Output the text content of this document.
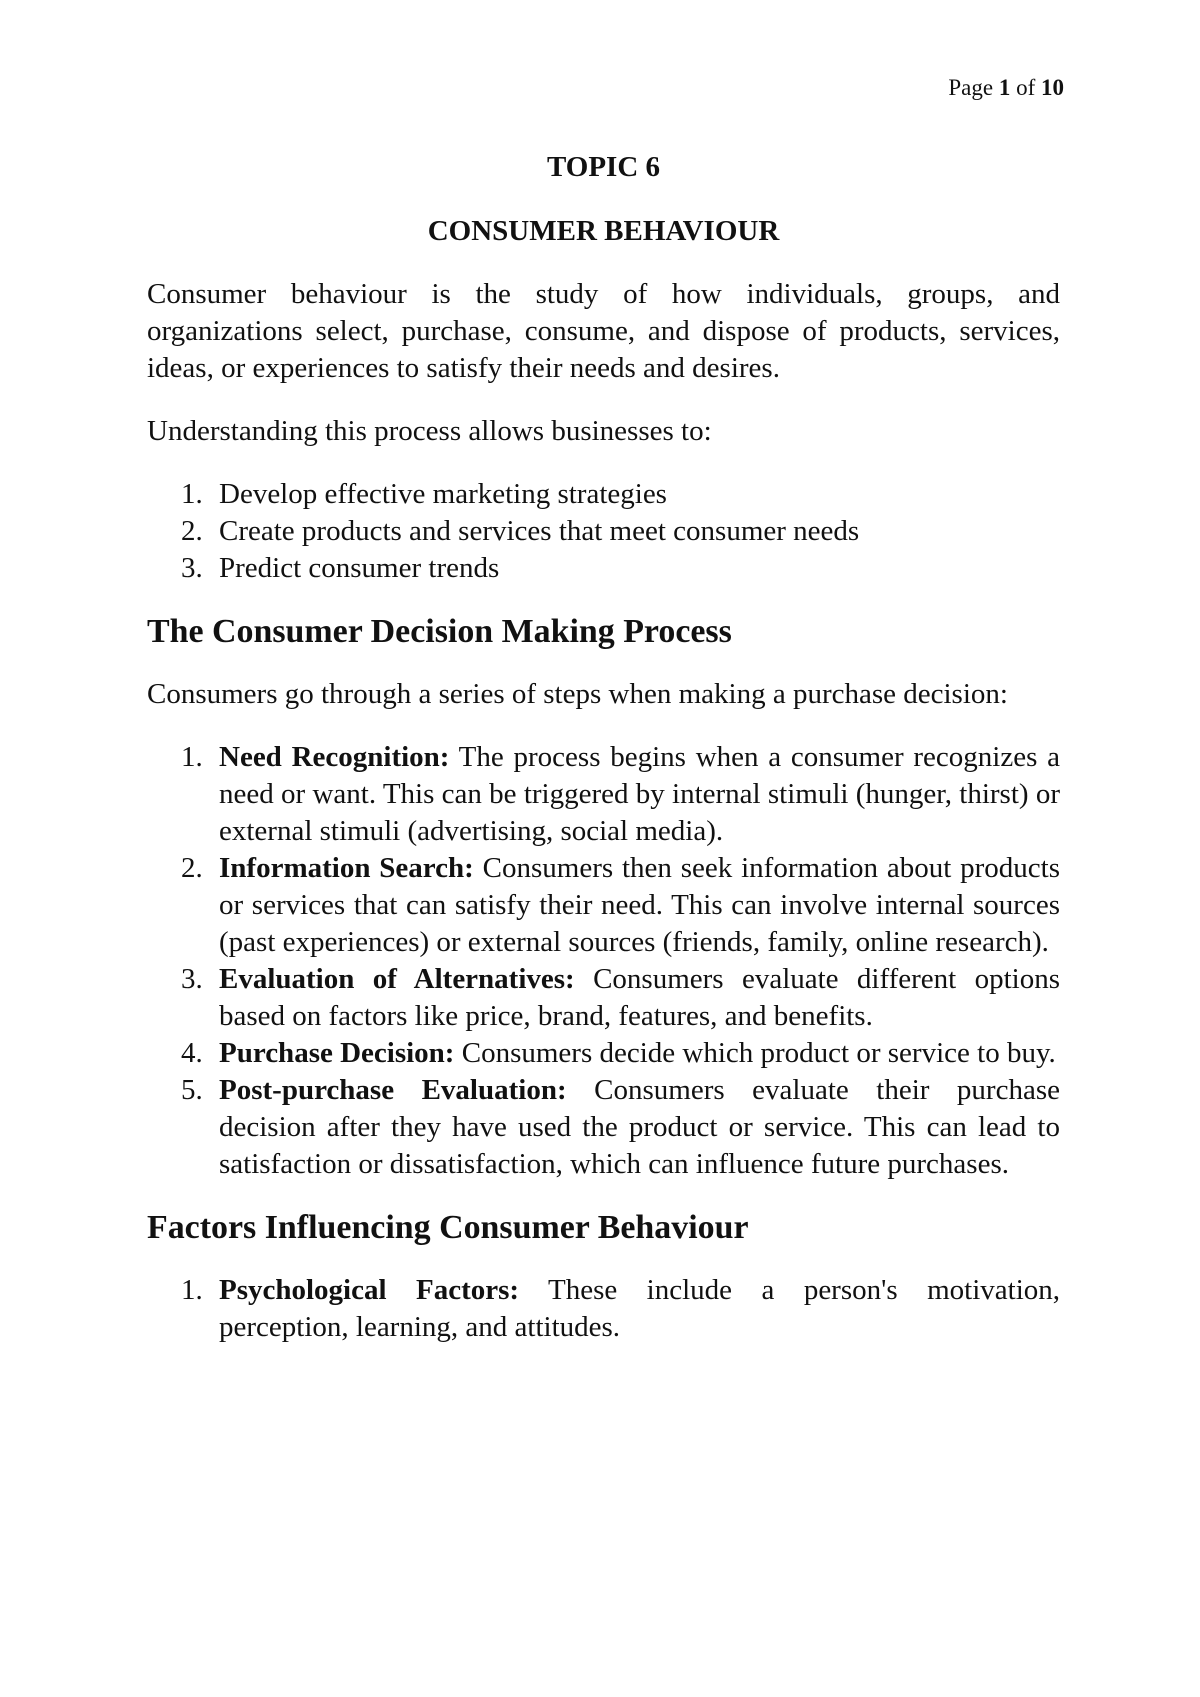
Page 1 of 10
TOPIC 6
CONSUMER BEHAVIOUR

Consumer behaviour is the study of how individuals, groups, and organizations select, purchase, consume, and dispose of products, services, ideas, or experiences to satisfy their needs and desires.

Understanding this process allows businesses to:

1. Develop effective marketing strategies
2. Create products and services that meet consumer needs
3. Predict consumer trends
The Consumer Decision Making Process

Consumers go through a series of steps when making a purchase decision:

1. Need Recognition: The process begins when a consumer recognizes a need or want. This can be triggered by internal stimuli (hunger, thirst) or external stimuli (advertising, social media).
2. Information Search: Consumers then seek information about products or services that can satisfy their need. This can involve internal sources (past experiences) or external sources (friends, family, online research).
3. Evaluation of Alternatives: Consumers evaluate different options based on factors like price, brand, features, and benefits.
4. Purchase Decision: Consumers decide which product or service to buy.
5. Post-purchase Evaluation: Consumers evaluate their purchase decision after they have used the product or service. This can lead to satisfaction or dissatisfaction, which can influence future purchases.
Factors Influencing Consumer Behaviour
1. Psychological Factors: These include a person's motivation, perception, learning, and attitudes.
